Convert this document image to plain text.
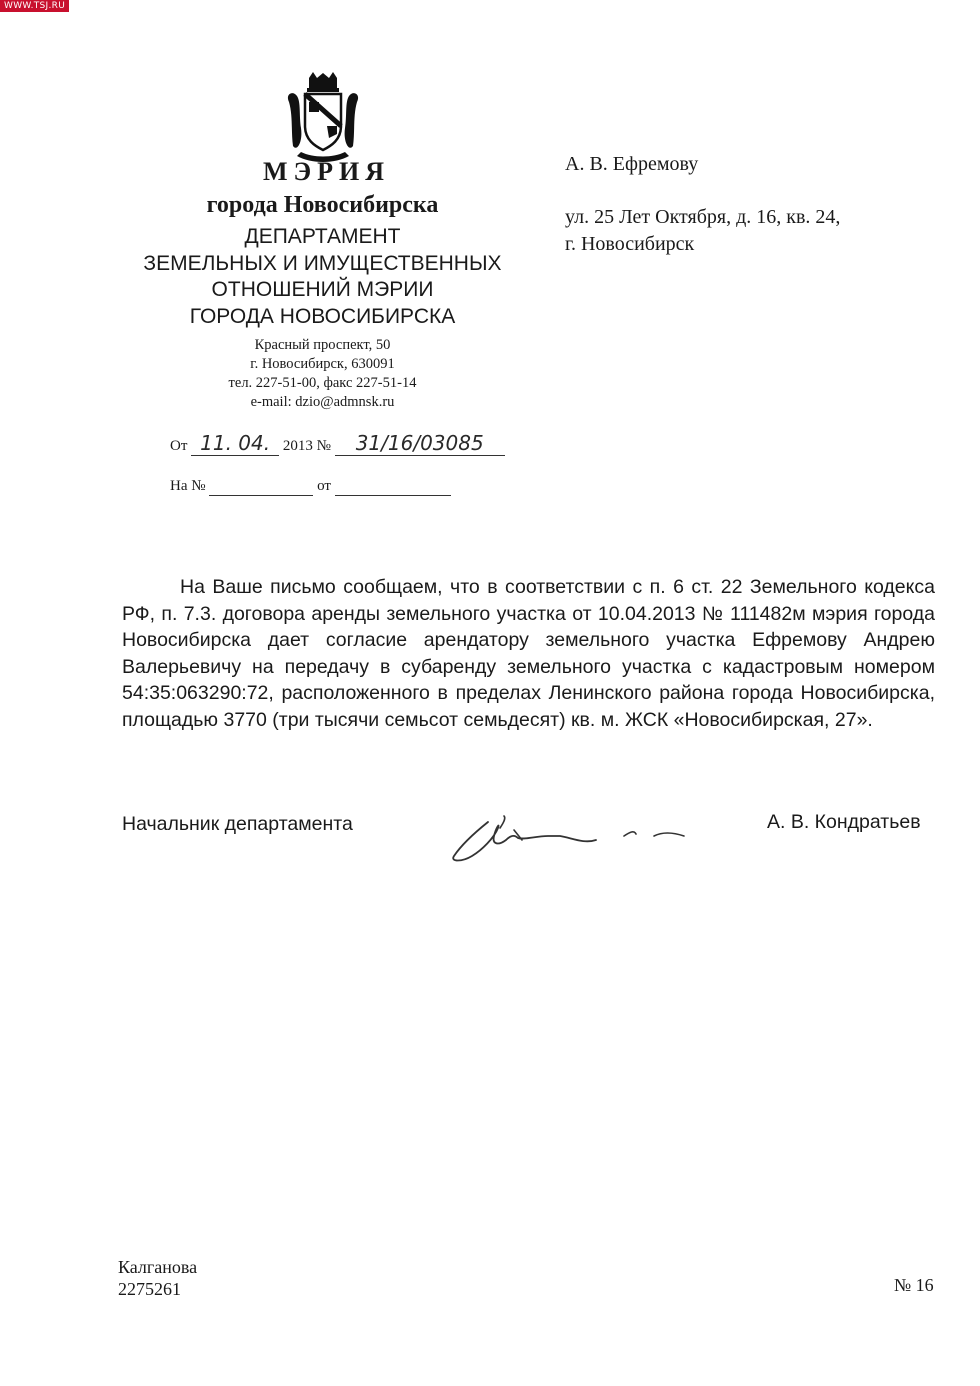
WWW.TSJ.RU
МЭРИЯ
города Новосибирска
ДЕПАРТАМЕНТ
ЗЕМЕЛЬНЫХ И ИМУЩЕСТВЕННЫХ
ОТНОШЕНИЙ МЭРИИ
ГОРОДА НОВОСИБИРСКА
Красный проспект, 50
г. Новосибирск, 630091
тел. 227-51-00, факс 227-51-14
e-mail: dzio@admnsk.ru
От 11. 04. 2013 № 31/16/03085
На №	от
А. В. Ефремову
ул. 25 Лет Октября, д. 16, кв. 24,
г. Новосибирск
На Ваше письмо сообщаем, что в соответствии с п. 6 ст. 22 Земельного кодекса РФ, п. 7.3. договора аренды земельного участка от 10.04.2013 № 111482м мэрия города Новосибирска дает согласие арендатору земельного участка Ефремову Андрею Валерьевичу на передачу в субаренду земельного участка с кадастровым номером 54:35:063290:72, расположенного в пределах Ленинского района города Новосибирска, площадью 3770 (три тысячи семьсот семьдесят) кв. м. ЖСК «Новосибирская, 27».
Начальник департамента	А. В. Кондратьев
Калганова
2275261	№ 16
